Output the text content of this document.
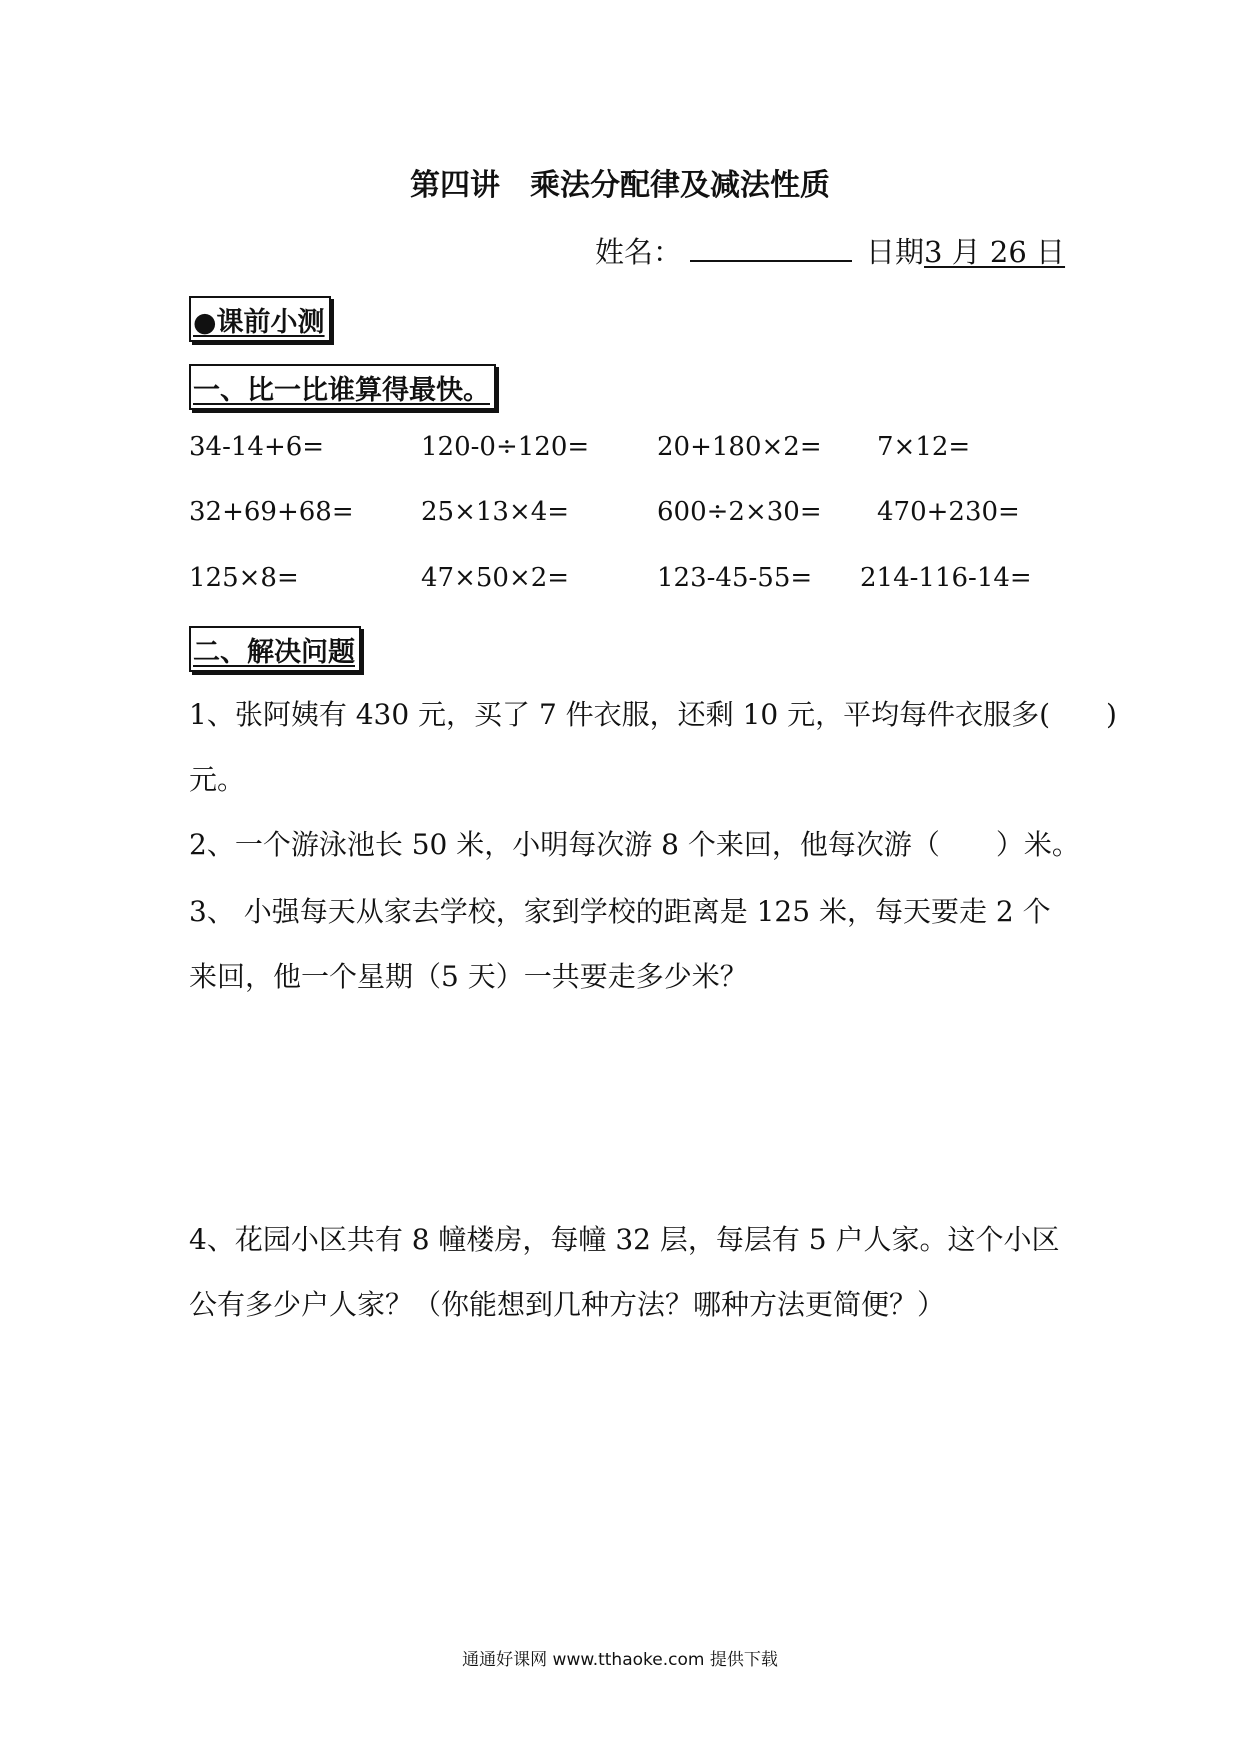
第四讲 乘法分配律及减法性质
姓名：	日期3 月 26 日
●课前小测
一、比一比谁算得最快。
34-14+6=	120-0÷120=	20+180×2= 7×12=
32+69+68=	25×13×4=	600÷2×30= 470+230=
125×8=	47×50×2=	123-45-55= 214-116-14=
二、解决问题
1、张阿姨有 430 元，买了 7 件衣服，还剩 10 元，平均每件衣服多( )
元。
2、一个游泳池长 50 米，小明每次游 8 个来回，他每次游（ ）米。
3、 小强每天从家去学校，家到学校的距离是 125 米，每天要走 2 个
来回，他一个星期（5 天）一共要走多少米？
4、花园小区共有 8 幢楼房，每幢 32 层，每层有 5 户人家。这个小区
公有多少户人家？（你能想到几种方法？哪种方法更简便？）
通通好课网 www.tthaoke.com 提供下载
